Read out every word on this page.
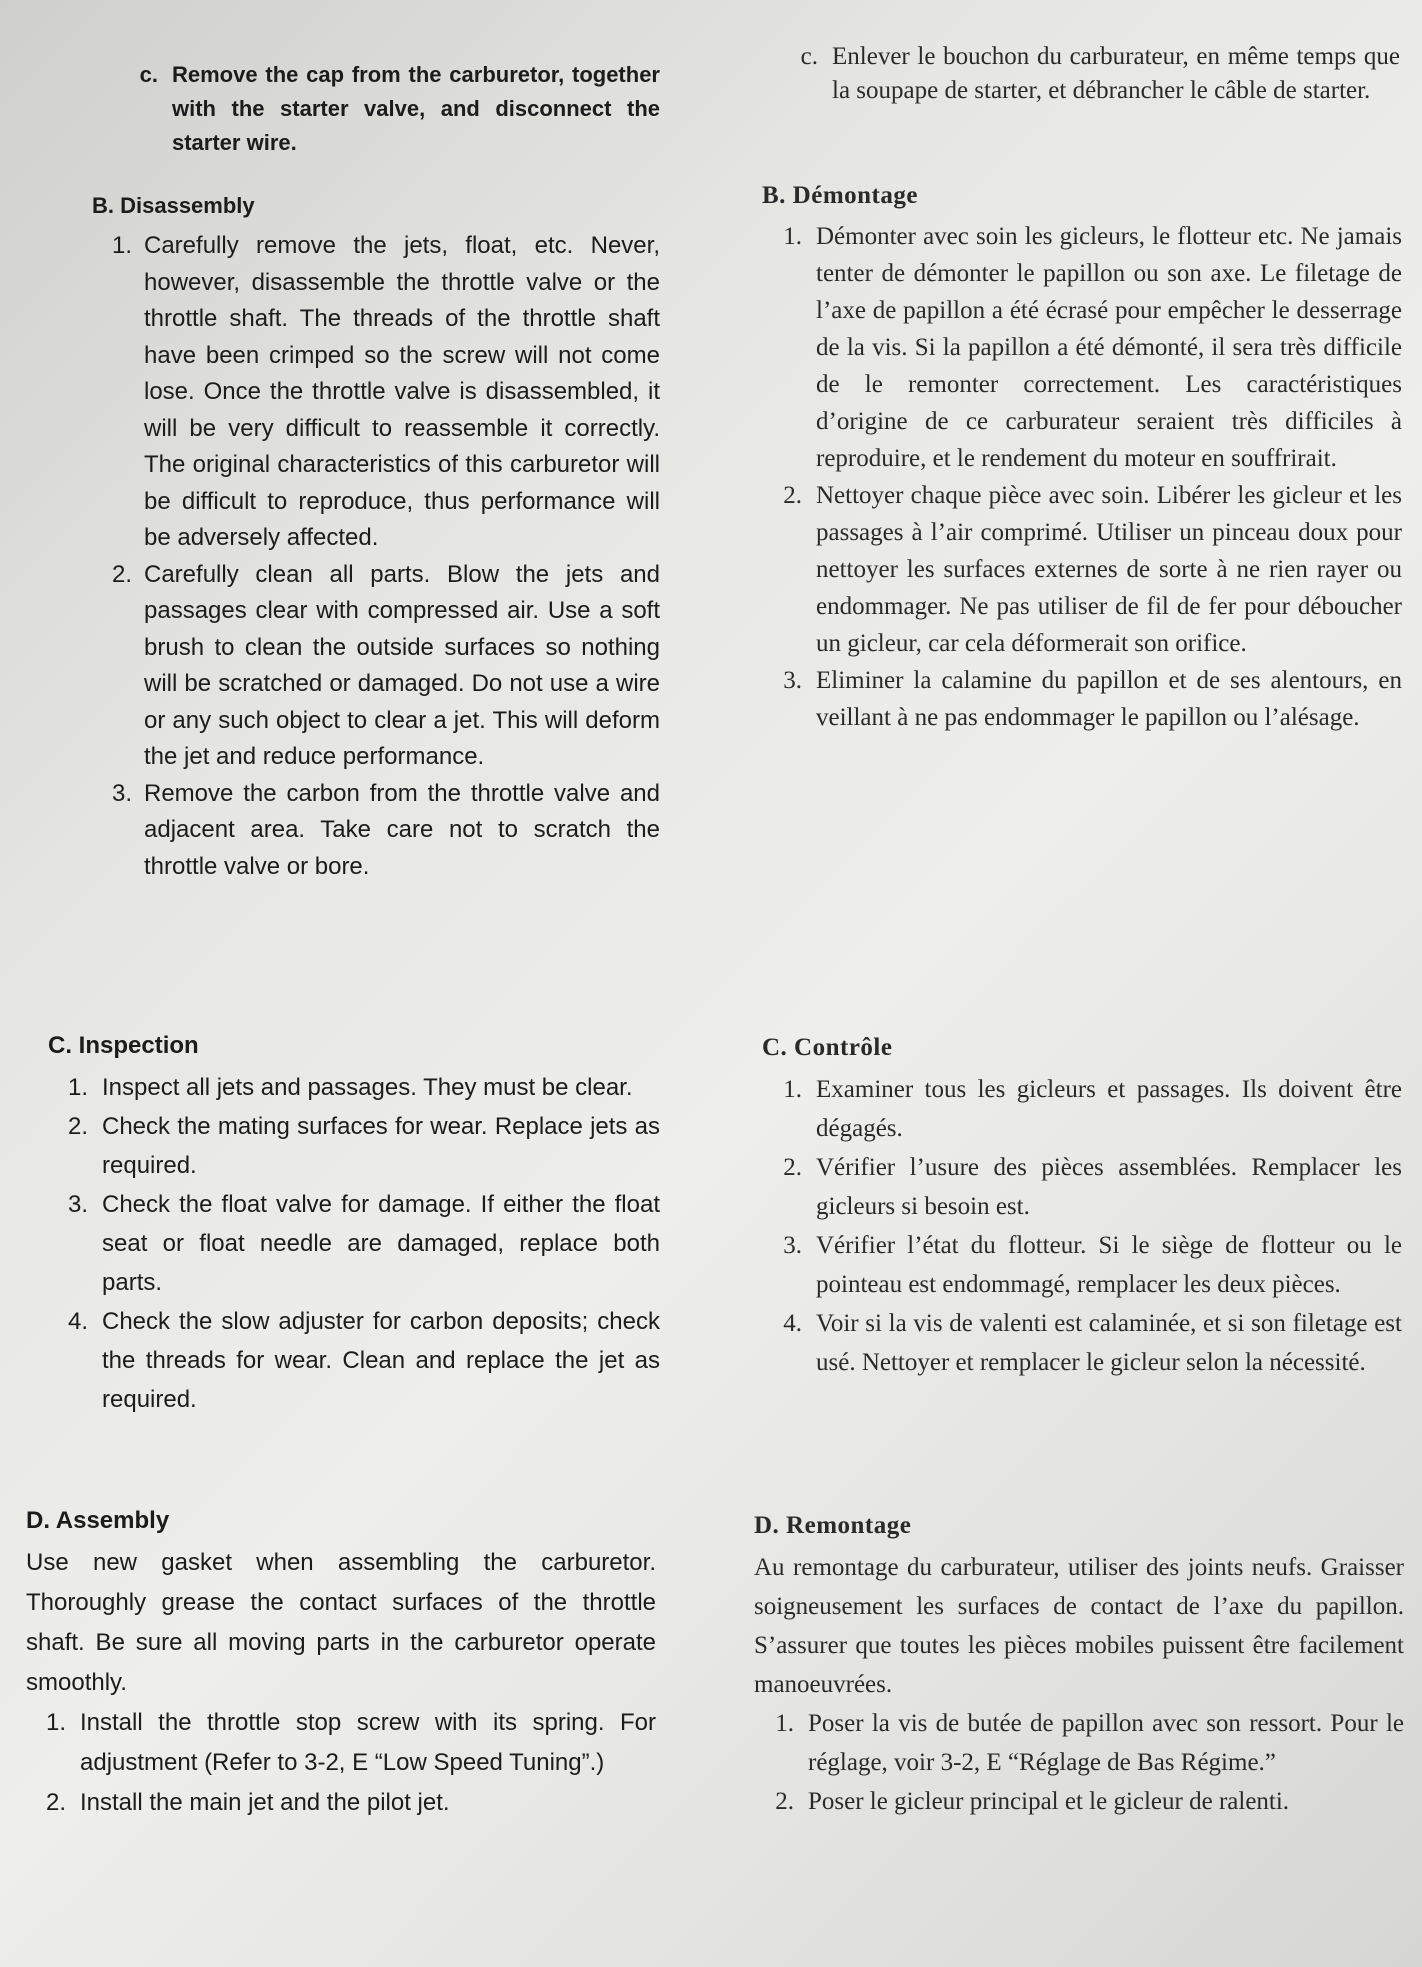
c. Remove the cap from the carburetor, together with the starter valve, and disconnect the starter wire.
B. Disassembly
1. Carefully remove the jets, float, etc. Never, however, disassemble the throttle valve or the throttle shaft. The threads of the throttle shaft have been crimped so the screw will not come lose. Once the throttle valve is disassembled, it will be very difficult to reassemble it correctly. The original characteristics of this carburetor will be difficult to reproduce, thus performance will be adversely affected.
2. Carefully clean all parts. Blow the jets and passages clear with compressed air. Use a soft brush to clean the outside surfaces so nothing will be scratched or damaged. Do not use a wire or any such object to clear a jet. This will deform the jet and reduce performance.
3. Remove the carbon from the throttle valve and adjacent area. Take care not to scratch the throttle valve or bore.
C. Inspection
1. Inspect all jets and passages. They must be clear.
2. Check the mating surfaces for wear. Replace jets as required.
3. Check the float valve for damage. If either the float seat or float needle are damaged, replace both parts.
4. Check the slow adjuster for carbon deposits; check the threads for wear. Clean and replace the jet as required.
D. Assembly

Use new gasket when assembling the carburetor. Thoroughly grease the contact surfaces of the throttle shaft. Be sure all moving parts in the carburetor operate smoothly.

1. Install the throttle stop screw with its spring. For adjustment (Refer to 3-2, E “Low Speed Tuning”.)
2. Install the main jet and the pilot jet.
c. Enlever le bouchon du carburateur, en même temps que la soupape de starter, et débrancher le câble de starter.
B. Démontage
1. Démonter avec soin les gicleurs, le flotteur etc. Ne jamais tenter de démonter le papillon ou son axe. Le filetage de l’axe de papillon a été écrasé pour empêcher le desserrage de la vis. Si la papillon a été démonté, il sera très difficile de le remonter correctement. Les caractéristiques d’origine de ce carburateur seraient très difficiles à reproduire, et le rendement du moteur en souffrirait.
2. Nettoyer chaque pièce avec soin. Libérer les gicleur et les passages à l’air comprimé. Utiliser un pinceau doux pour nettoyer les surfaces externes de sorte à ne rien rayer ou endommager. Ne pas utiliser de fil de fer pour déboucher un gicleur, car cela déformerait son orifice.
3. Eliminer la calamine du papillon et de ses alentours, en veillant à ne pas endommager le papillon ou l’alésage.
C. Contrôle
1. Examiner tous les gicleurs et passages. Ils doivent être dégagés.
2. Vérifier l’usure des pièces assemblées. Remplacer les gicleurs si besoin est.
3. Vérifier l’état du flotteur. Si le siège de flotteur ou le pointeau est endommagé, remplacer les deux pièces.
4. Voir si la vis de valenti est calaminée, et si son filetage est usé. Nettoyer et remplacer le gicleur selon la nécessité.
D. Remontage

Au remontage du carburateur, utiliser des joints neufs. Graisser soigneusement les surfaces de contact de l’axe du papillon. S’assurer que toutes les pièces mobiles puissent être facilement manoeuvrées.

1. Poser la vis de butée de papillon avec son ressort. Pour le réglage, voir 3-2, E “Réglage de Bas Régime.”
2. Poser le gicleur principal et le gicleur de ralenti.
